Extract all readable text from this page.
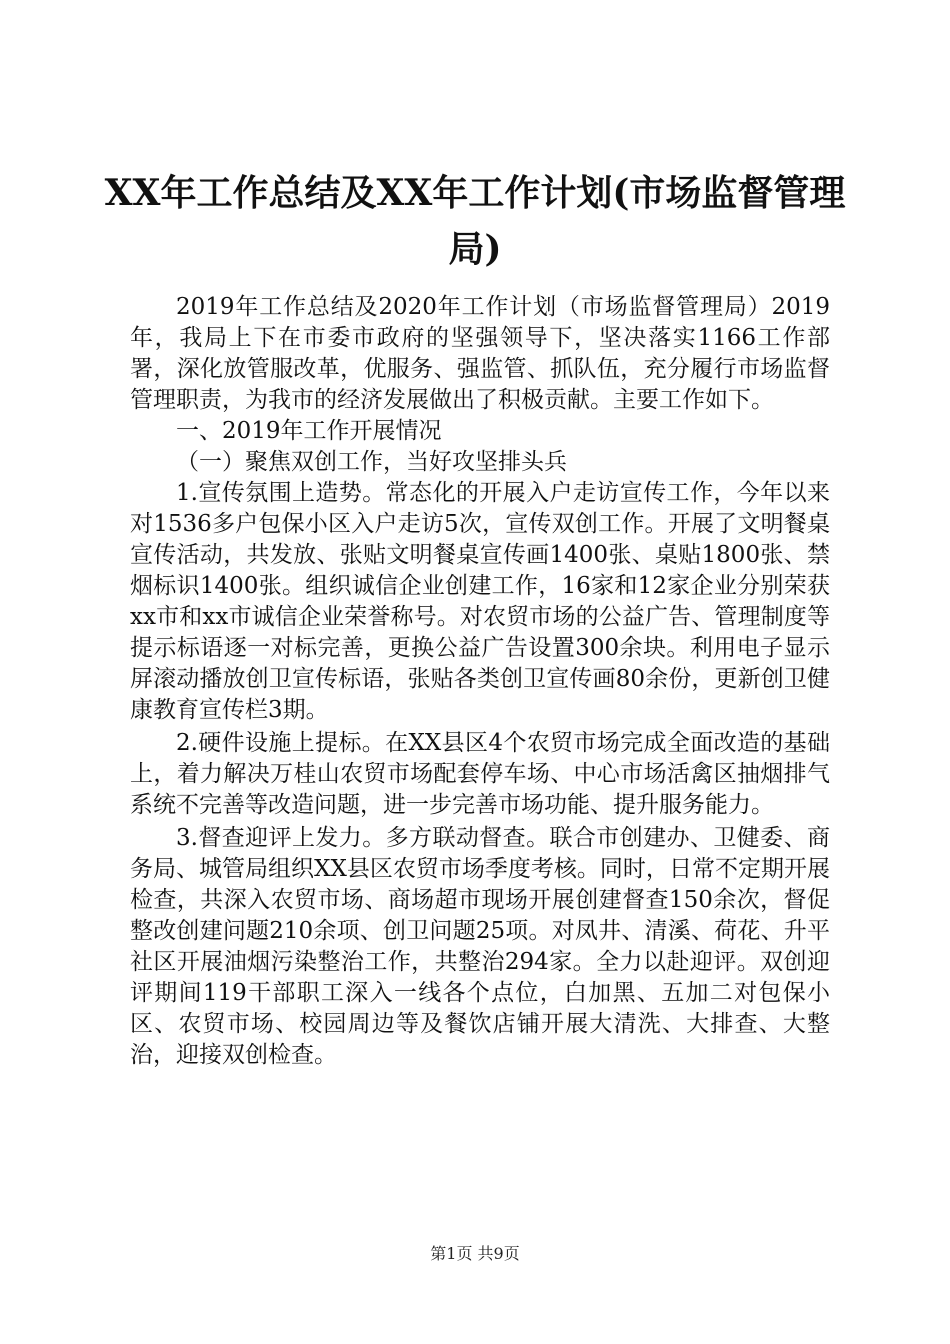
XX年工作总结及XX年工作计划(市场监督管理
局)

2019年工作总结及2020年工作计划（市场监督管理局）2019年，我局上下在市委市政府的坚强领导下，坚决落实1166工作部署，深化放管服改革，优服务、强监管、抓队伍，充分履行市场监督管理职责，为我市的经济发展做出了积极贡献。主要工作如下。

一、2019年工作开展情况

（一）聚焦双创工作，当好攻坚排头兵

1.宣传氛围上造势。常态化的开展入户走访宣传工作，今年以来对1536多户包保小区入户走访5次，宣传双创工作。开展了文明餐桌宣传活动，共发放、张贴文明餐桌宣传画1400张、桌贴1800张、禁烟标识1400张。组织诚信企业创建工作，16家和12家企业分别荣获xx市和xx市诚信企业荣誉称号。对农贸市场的公益广告、管理制度等提示标语逐一对标完善，更换公益广告设置300余块。利用电子显示屏滚动播放创卫宣传标语，张贴各类创卫宣传画80余份，更新创卫健康教育宣传栏3期。

2.硬件设施上提标。在XX县区4个农贸市场完成全面改造的基础上，着力解决万桂山农贸市场配套停车场、中心市场活禽区抽烟排气系统不完善等改造问题，进一步完善市场功能、提升服务能力。

3.督查迎评上发力。多方联动督查。联合市创建办、卫健委、商务局、城管局组织XX县区农贸市场季度考核。同时，日常不定期开展检查，共深入农贸市场、商场超市现场开展创建督查150余次，督促整改创建问题210余项、创卫问题25项。对凤井、清溪、荷花、升平社区开展油烟污染整治工作，共整治294家。全力以赴迎评。双创迎评期间119干部职工深入一线各个点位，白加黑、五加二对包保小区、农贸市场、校园周边等及餐饮店铺开展大清洗、大排查、大整治，迎接双创检查。

第1页 共9页
